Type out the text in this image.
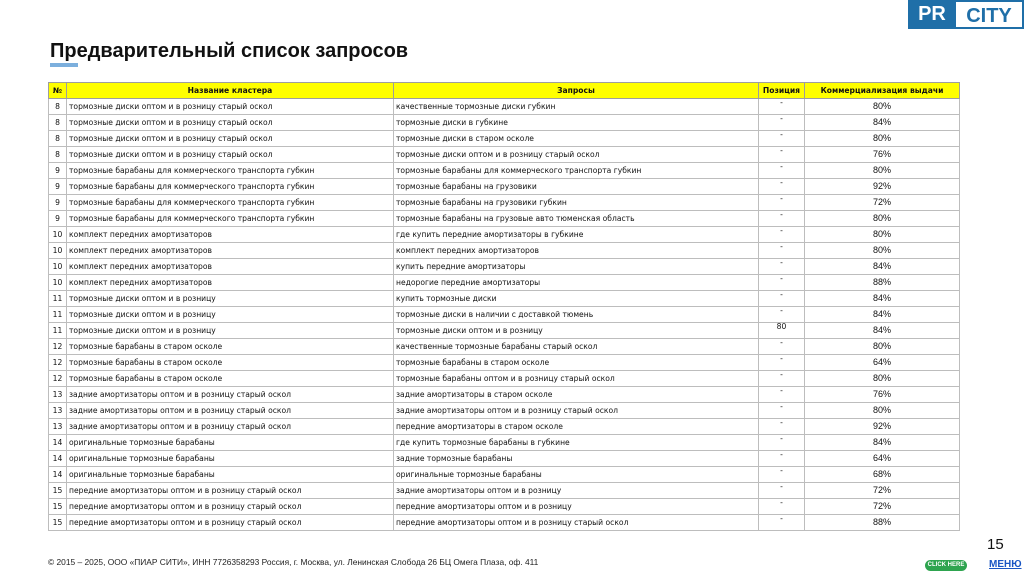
PR	CITY
Предварительный список запросов
№	Название кластера	Запросы	Позиция	Коммерциализация выдачи
8	тормозные диски оптом и в розницу старый оскол	качественные тормозные диски губкин	-	80%
8	тормозные диски оптом и в розницу старый оскол	тормозные диски в губкине	-	84%
8	тормозные диски оптом и в розницу старый оскол	тормозные диски в старом осколе	-	80%
8	тормозные диски оптом и в розницу старый оскол	тормозные диски оптом и в розницу старый оскол	-	76%
9	тормозные барабаны для коммерческого транспорта губкин	тормозные барабаны для коммерческого транспорта губкин	-	80%
9	тормозные барабаны для коммерческого транспорта губкин	тормозные барабаны на грузовики	-	92%
9	тормозные барабаны для коммерческого транспорта губкин	тормозные барабаны на грузовики губкин	-	72%
9	тормозные барабаны для коммерческого транспорта губкин	тормозные барабаны на грузовые авто тюменская область	-	80%
10	комплект передних амортизаторов	где купить передние амортизаторы в губкине	-	80%
10	комплект передних амортизаторов	комплект передних амортизаторов	-	80%
10	комплект передних амортизаторов	купить передние амортизаторы	-	84%
10	комплект передних амортизаторов	недорогие передние амортизаторы	-	88%
11	тормозные диски оптом и в розницу	купить тормозные диски	-	84%
11	тормозные диски оптом и в розницу	тормозные диски в наличии с доставкой тюмень	-	84%
11	тормозные диски оптом и в розницу	тормозные диски оптом и в розницу	80	84%
12	тормозные барабаны в старом осколе	качественные тормозные барабаны старый оскол	-	80%
12	тормозные барабаны в старом осколе	тормозные барабаны в старом осколе	-	64%
12	тормозные барабаны в старом осколе	тормозные барабаны оптом и в розницу старый оскол	-	80%
13	задние амортизаторы оптом и в розницу старый оскол	задние амортизаторы в старом осколе	-	76%
13	задние амортизаторы оптом и в розницу старый оскол	задние амортизаторы оптом и в розницу старый оскол	-	80%
13	задние амортизаторы оптом и в розницу старый оскол	передние амортизаторы в старом осколе	-	92%
14	оригинальные тормозные барабаны	где купить тормозные барабаны в губкине	-	84%
14	оригинальные тормозные барабаны	задние тормозные барабаны	-	64%
14	оригинальные тормозные барабаны	оригинальные тормозные барабаны	-	68%
15	передние амортизаторы оптом и в розницу старый оскол	задние амортизаторы оптом и в розницу	-	72%
15	передние амортизаторы оптом и в розницу старый оскол	передние амортизаторы оптом и в розницу	-	72%
15	передние амортизаторы оптом и в розницу старый оскол	передние амортизаторы оптом и в розницу старый оскол	-	88%
15
© 2015 – 2025, ООО «ПИАР СИТИ», ИНН 7726358293 Россия, г. Москва, ул. Ленинская Слобода 26 БЦ Омега Плаза, оф. 411	CLICK HERE МЕНЮ
